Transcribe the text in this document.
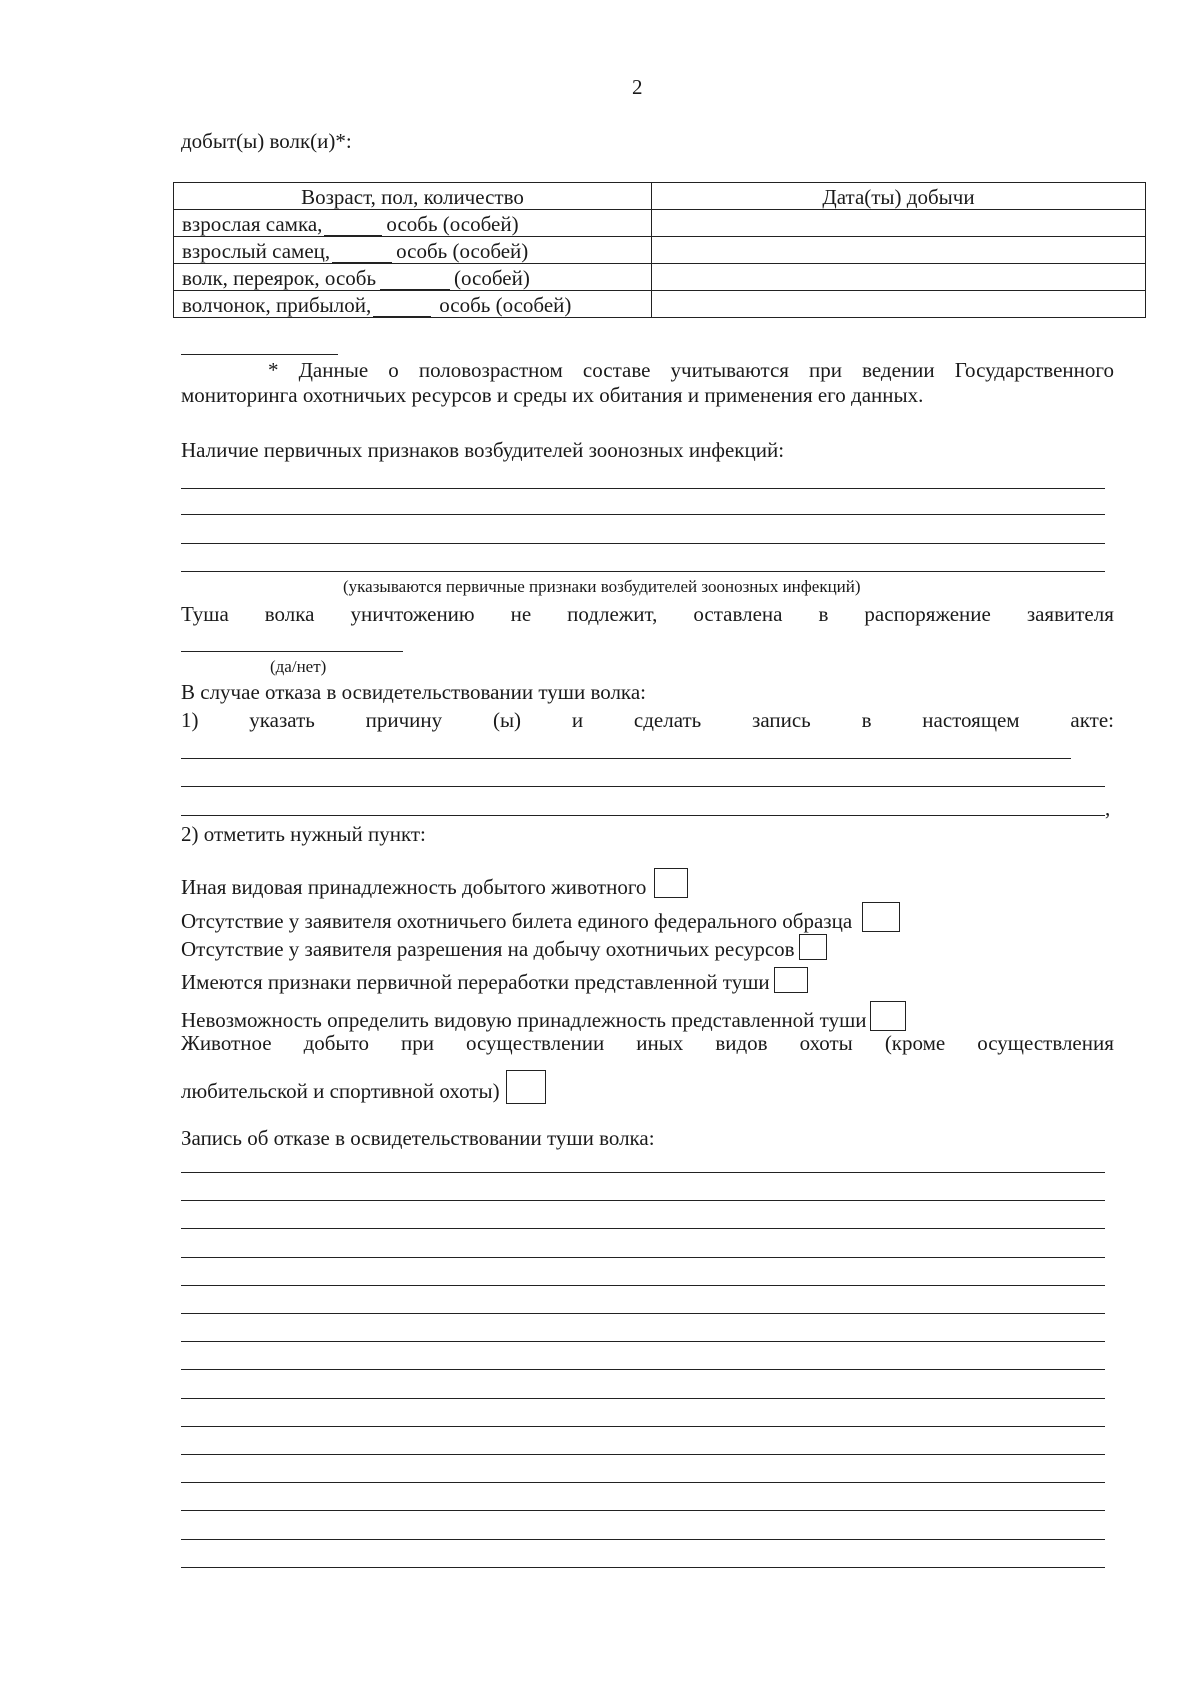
2
добыт(ы) волк(и)*:
Возраст, пол, количество	Дата(ты) добычи

взрослая самка, особь (особей)	

взрослый самец, особь (особей)	

волк, переярок, особь (особей)	

волчонок, прибылой, особь (особей)	

* Данные о половозрастном составе учитываются при ведении Государственного
мониторинга охотничьих ресурсов и среды их обитания и применения его данных.
Наличие первичных признаков возбудителей зоонозных инфекций:
(указываются первичные признаки возбудителей зоонозных инфекций)
Туша волка уничтожению не подлежит, оставлена в распоряжение заявителя
(да/нет)
В случае отказа в освидетельствовании туши волка:
1) указать причину (ы) и сделать запись в настоящем акте:
,
2) отметить нужный пункт:
Иная видовая принадлежность добытого животного
Отсутствие у заявителя охотничьего билета единого федерального образца
Отсутствие у заявителя разрешения на добычу охотничьих ресурсов
Имеются признаки первичной переработки представленной туши
Невозможность определить видовую принадлежность представленной туши
Животное добыто при осуществлении иных видов охоты (кроме осуществления
любительской и спортивной охоты)
Запись об отказе в освидетельствовании туши волка:
